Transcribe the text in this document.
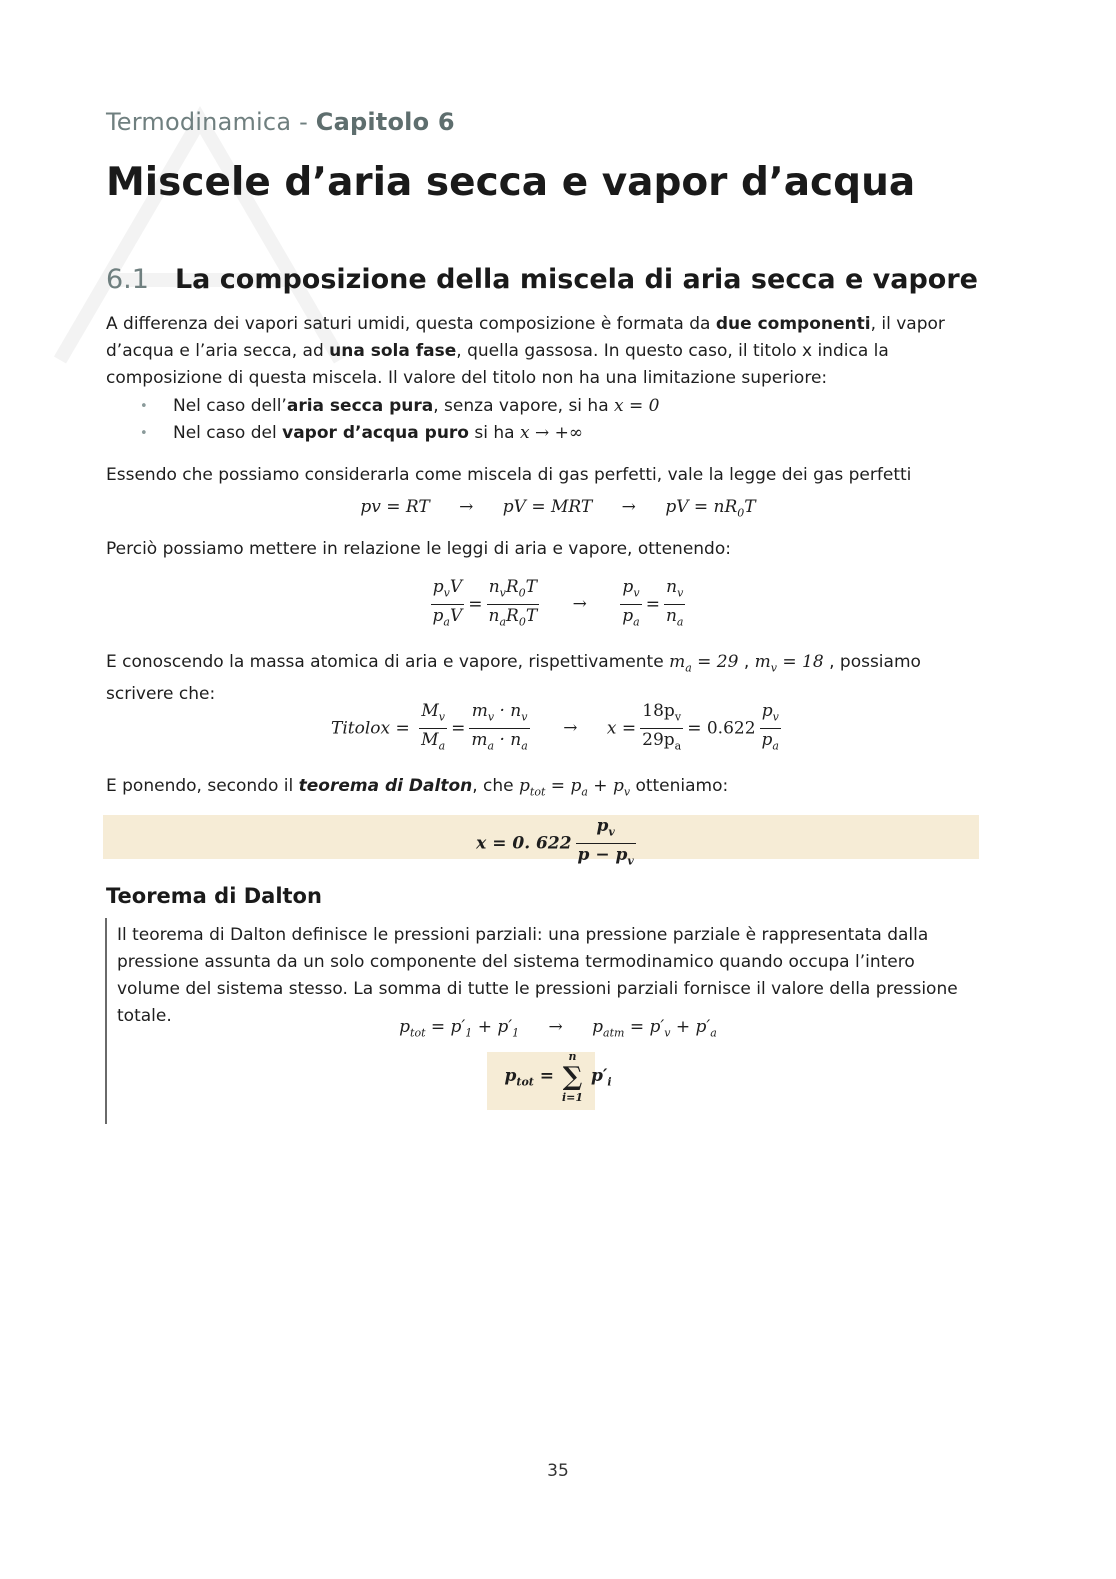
Termodinamica - Capitolo 6
Miscele d’aria secca e vapor d’acqua
6.1 La composizione della miscela di aria secca e vapore

A differenza dei vapori saturi umidi, questa composizione è formata da due componenti, il vapor d’acqua e l’aria secca, ad una sola fase, quella gassosa. In questo caso, il titolo x indica la composizione di questa miscela. Il valore del titolo non ha una limitazione superiore:

• Nel caso dell’aria secca pura, senza vapore, si ha x = 0
• Nel caso del vapor d’acqua puro si ha x → +∞

Essendo che possiamo considerarla come miscela di gas perfetti, vale la legge dei gas perfetti

pv = RT → pV = MRT → pV = $nR_0T$

Perciò possiamo mettere in relazione le leggi di aria e vapore, ottenendo:

$\frac{p_vV}{p_aV} = \frac{n_vR_0T}{n_aR_0T} \to \frac{p_v}{p_a} = \frac{n_v}{n_a}$

E conoscendo la massa atomica di aria e vapore, rispettivamente $m_a = 29$ , $m_v = 18$ , possiamo scrivere che:

Titolox = $\frac{M_v}{M_a} = \frac{m_v \cdot n_v}{m_a \cdot n_a} \to x = \frac{18p_v}{29p_a} = 0.622 \frac{p_v}{p_a}$

E ponendo, secondo il teorema di Dalton, che $p_{tot} = p_a + p_v$ otteniamo:

x = 0. $622 \frac{p_v}{p - p_v}$
Teorema di Dalton

Il teorema di Dalton definisce le pressioni parziali: una pressione parziale è rappresentata dalla pressione assunta da un solo componente del sistema termodinamico quando occupa l’intero volume del sistema stesso. La somma di tutte le pressioni parziali fornisce il valore della pressione totale.

$p_{tot} = p'_1 + p'_1 \to p_{atm} = p'_v + p'_a$
$p_{tot}$ =
n
∑
i=1
$p'_i$
35
